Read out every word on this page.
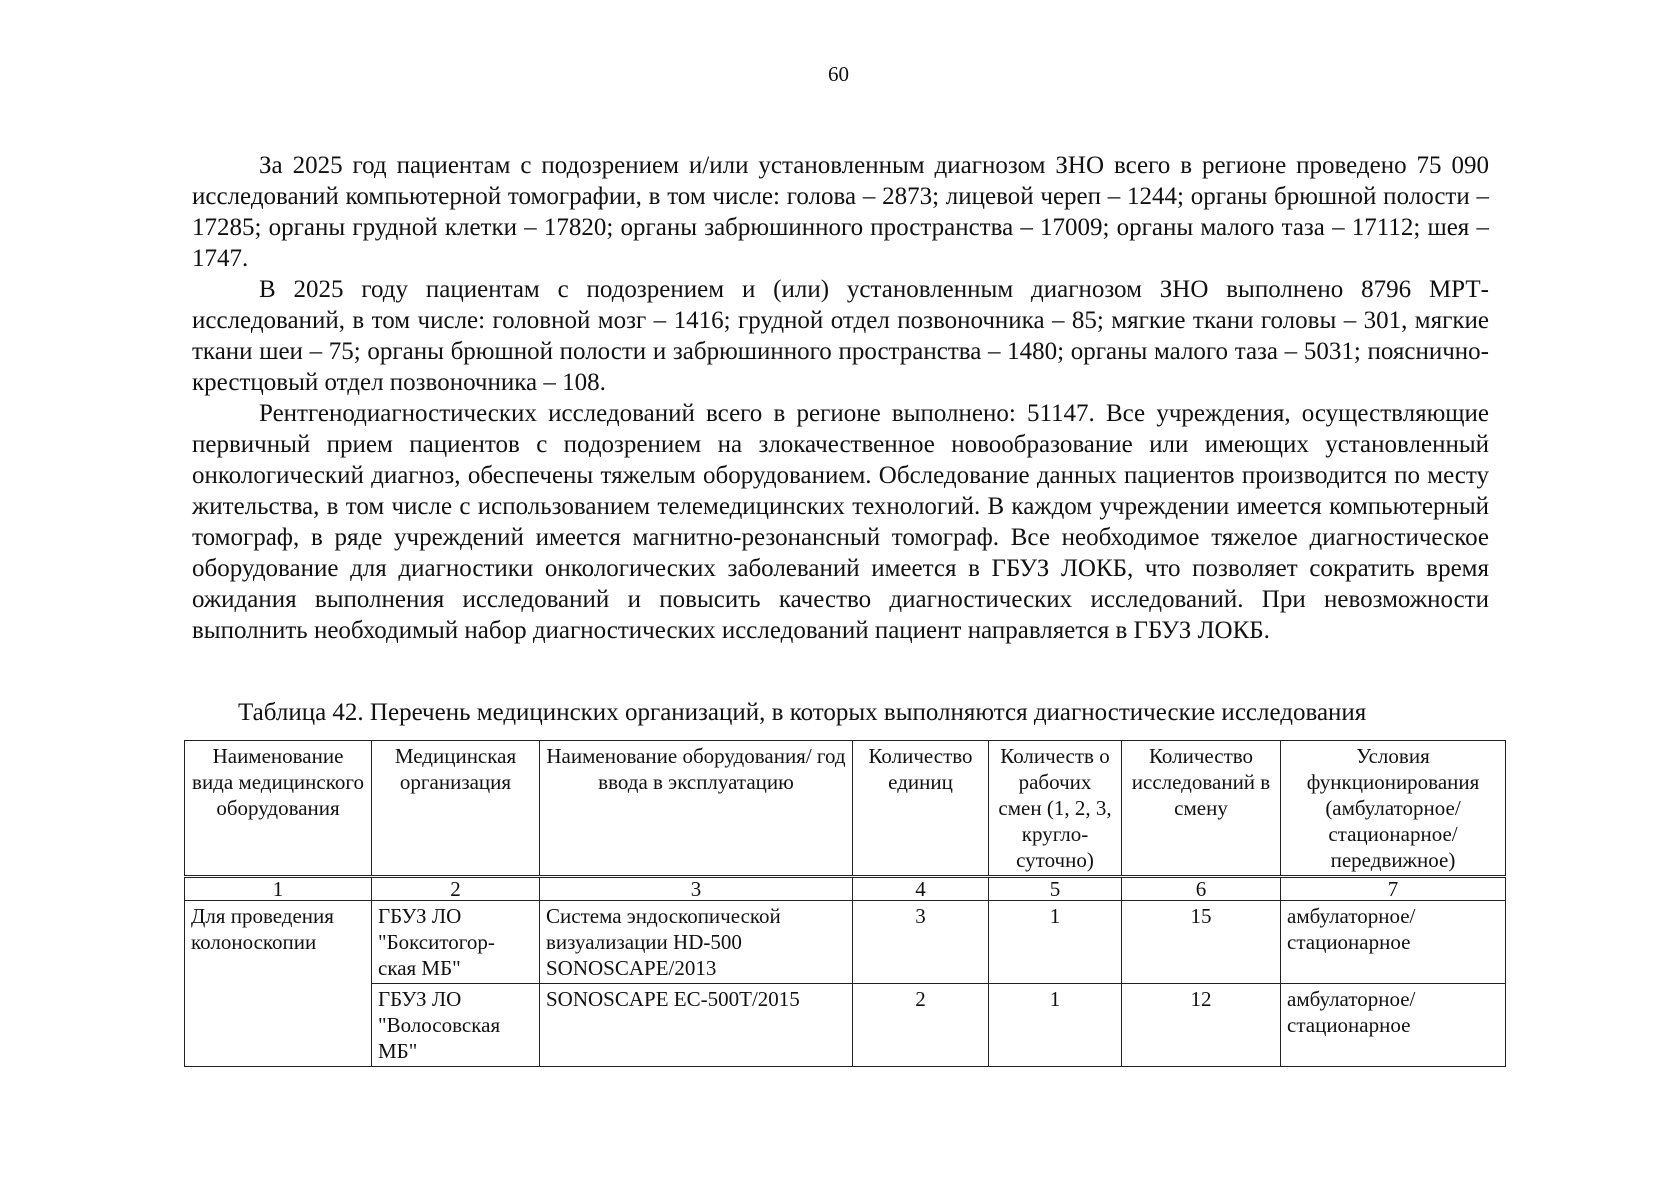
60

За 2025 год пациентам с подозрением и/или установленным диагнозом ЗНО всего в регионе проведено 75 090 исследований компьютерной томографии, в том числе: голова – 2873; лицевой череп – 1244; органы брюшной полости – 17285; органы грудной клетки – 17820; органы забрюшинного пространства – 17009; органы малого таза – 17112; шея – 1747.

В 2025 году пациентам с подозрением и (или) установленным диагнозом ЗНО выполнено 8796 МРТ-исследований, в том числе: головной мозг – 1416; грудной отдел позвоночника – 85; мягкие ткани головы – 301, мягкие ткани шеи – 75; органы брюшной полости и забрюшинного пространства – 1480; органы малого таза – 5031; пояснично-крестцовый отдел позвоночника – 108.

Рентгенодиагностических исследований всего в регионе выполнено: 51147. Все учреждения, осуществляющие первичный прием пациентов с подозрением на злокачественное новообразование или имеющих установленный онкологический диагноз, обеспечены тяжелым оборудованием. Обследование данных пациентов производится по месту жительства, в том числе с использованием телемедицинских технологий. В каждом учреждении имеется компьютерный томограф, в ряде учреждений имеется магнитно-резонансный томограф. Все необходимое тяжелое диагностическое оборудование для диагностики онкологических заболеваний имеется в ГБУЗ ЛОКБ, что позволяет сократить время ожидания выполнения исследований и повысить качество диагностических исследований. При невозможности выполнить необходимый набор диагностических исследований пациент направляется в ГБУЗ ЛОКБ.

Таблица 42. Перечень медицинских организаций, в которых выполняются диагностические исследования
Наименование вида медицинского оборудования	Медицинская организация	Наименование оборудования/ год ввода в эксплуатацию	Количество единиц	Количеств о рабочих смен (1, 2, 3, кругло-суточно)	Количество исследований в смену	Условия функционирования (амбулаторное/ стационарное/ передвижное)
1	2	3	4	5	6	7
Для проведения колоноскопии	ГБУЗ ЛО "Бокситогор-ская МБ"	Система эндоскопической визуализации HD-500 SONOSCAPE/2013	3	1	15	амбулаторное/ стационарное
	ГБУЗ ЛО "Волосовская МБ"	SONOSCAPE EC-500T/2015	2	1	12	амбулаторное/ стационарное
